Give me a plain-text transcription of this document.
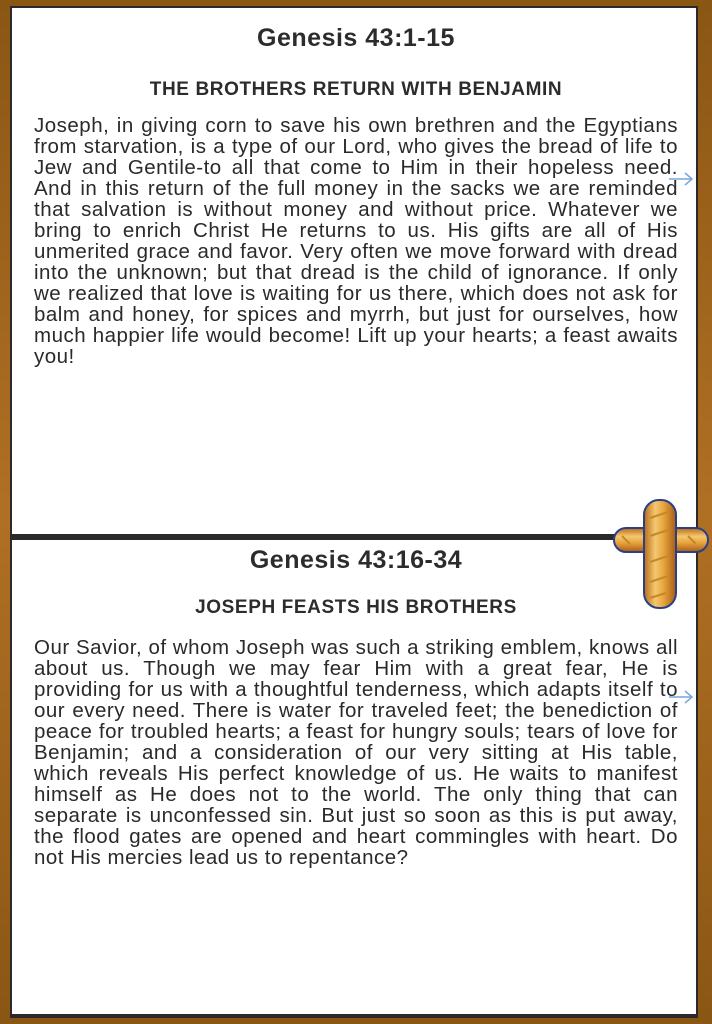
Genesis 43:1-15
THE BROTHERS RETURN WITH BENJAMIN
Joseph, in giving corn to save his own brethren and the Egyptians from starvation, is a type of our Lord, who gives the bread of life to Jew and Gentile-to all that come to Him in their hopeless need. And in this return of the full money in the sacks we are reminded that salvation is without money and without price. Whatever we bring to enrich Christ He returns to us. His gifts are all of His unmerited grace and favor. Very often we move forward with dread into the unknown; but that dread is the child of ignorance. If only we realized that love is waiting for us there, which does not ask for balm and honey, for spices and myrrh, but just for ourselves, how much happier life would become! Lift up your hearts; a feast awaits you!
Genesis 43:16-34
JOSEPH FEASTS HIS BROTHERS
Our Savior, of whom Joseph was such a striking emblem, knows all about us. Though we may fear Him with a great fear, He is providing for us with a thoughtful tenderness, which adapts itself to our every need. There is water for traveled feet; the benediction of peace for troubled hearts; a feast for hungry souls; tears of love for Benjamin; and a consideration of our very sitting at His table, which reveals His perfect knowledge of us. He waits to manifest himself as He does not to the world. The only thing that can separate is unconfessed sin. But just so soon as this is put away, the flood gates are opened and heart commingles with heart. Do not His mercies lead us to repentance?
